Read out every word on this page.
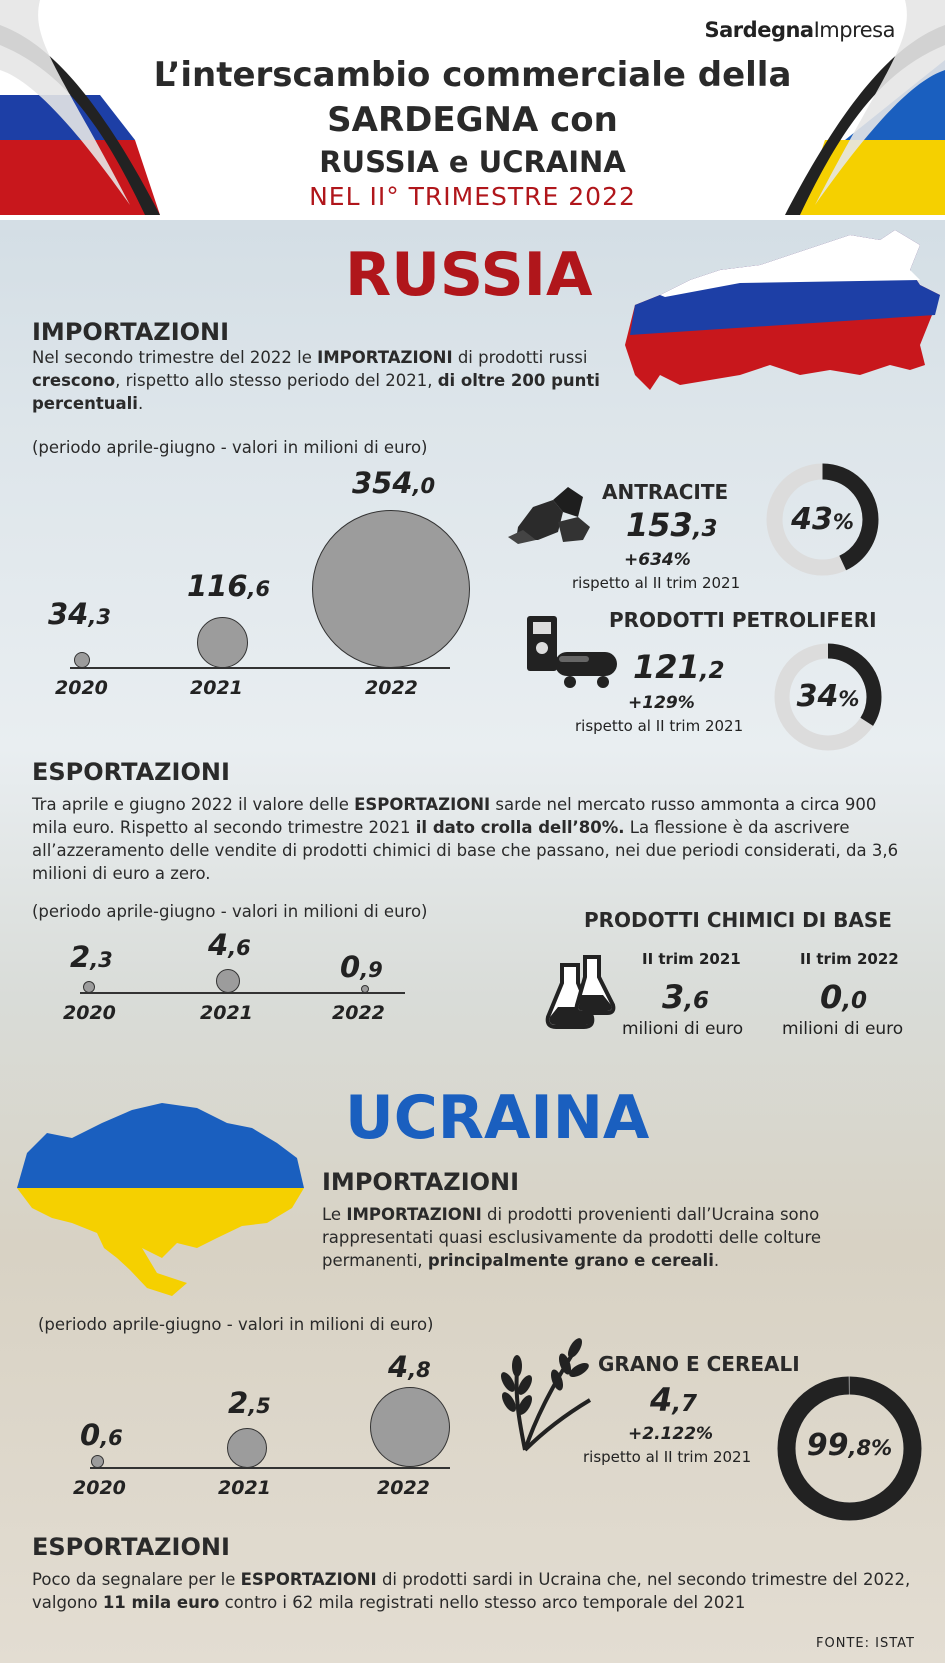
SardegnaImpresa
L’interscambio commerciale della
SARDEGNA con
RUSSIA e UCRAINA
NEL II° TRIMESTRE 2022
RUSSIA
IMPORTAZIONI
Nel secondo trimestre del 2022 le IMPORTAZIONI di prodotti russi crescono, rispetto allo stesso periodo del 2021, di oltre 200 punti percentuali.
(periodo aprile-giugno - valori in milioni di euro)
34,3
116,6
354,0
2020	2021	2022
ANTRACITE
153,3
+634%
rispetto al II trim 2021
43%
PRODOTTI PETROLIFERI
121,2
+129%
rispetto al II trim 2021
34%
ESPORTAZIONI
Tra aprile e giugno 2022 il valore delle ESPORTAZIONI sarde nel mercato russo ammonta a circa 900 mila euro. Rispetto al secondo trimestre 2021 il dato crolla dell’80%. La flessione è da ascrivere all’azzeramento delle vendite di prodotti chimici di base che passano, nei due periodi considerati, da 3,6 milioni di euro a zero.
(periodo aprile-giugno - valori in milioni di euro)
2,3	4,6
0,9
2020	2021	2022
PRODOTTI CHIMICI DI BASE
II trim 2021	II trim 2022
3,6	0,0
milioni di euro milioni di euro
UCRAINA
IMPORTAZIONI
Le IMPORTAZIONI di prodotti provenienti dall’Ucraina sono rappresentati quasi esclusivamente da prodotti delle colture permanenti, principalmente grano e cereali.
(periodo aprile-giugno - valori in milioni di euro)
0,6
2,5
4,8
2020	2021	2022
GRANO E CEREALI
4,7
+2.122%
rispetto al II trim 2021	99,8%
ESPORTAZIONI
Poco da segnalare per le ESPORTAZIONI di prodotti sardi in Ucraina che, nel secondo trimestre del 2022, valgono 11 mila euro contro i 62 mila registrati nello stesso arco temporale del 2021
FONTE: ISTAT
